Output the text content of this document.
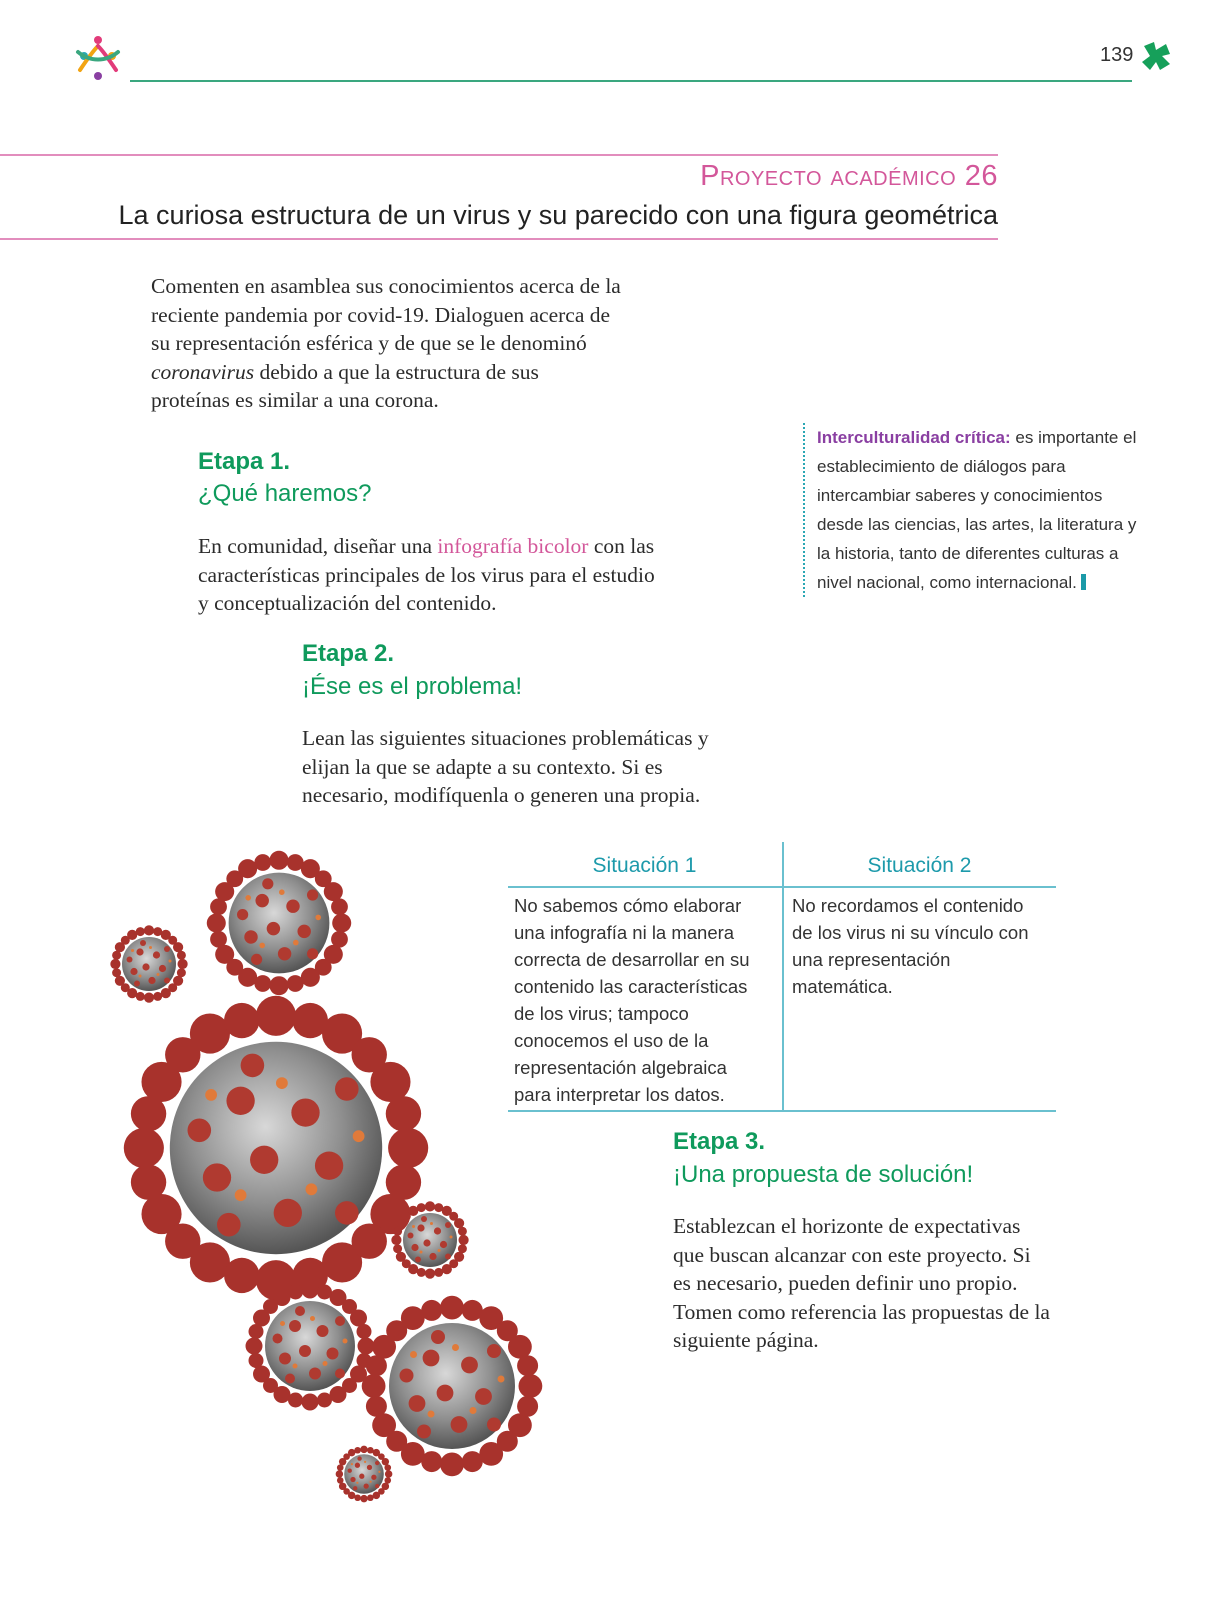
139
Proyecto académico 26
La curiosa estructura de un virus y su parecido con una figura geométrica
Comenten en asamblea sus conocimientos acerca de la reciente pandemia por covid-19. Dialoguen acerca de su representación esférica y de que se le denominó coronavirus debido a que la estructura de sus proteínas es similar a una corona.
Etapa 1.
¿Qué haremos?
En comunidad, diseñar una infografía bicolor con las características principales de los virus para el estudio y conceptualización del contenido.
Interculturalidad crítica: es importante el establecimiento de diálogos para intercambiar saberes y conocimientos desde las ciencias, las artes, la literatura y la historia, tanto de diferentes culturas a nivel nacional, como internacional.
Etapa 2.
¡Ése es el problema!
Lean las siguientes situaciones problemáticas y elijan la que se adapte a su contexto. Si es necesario, modifíquenla o generen una propia.
Situación 1	Situación 2
No sabemos cómo elaborar una infografía ni la manera correcta de desarrollar en su contenido las características de los virus; tampoco conocemos el uso de la representación algebraica para interpretar los datos.
No recordamos el contenido de los virus ni su vínculo con una representación matemática.
Etapa 3.
¡Una propuesta de solución!
Establezcan el horizonte de expectativas que buscan alcanzar con este proyecto. Si es necesario, pueden definir uno propio. Tomen como referencia las propuestas de la siguiente página.
